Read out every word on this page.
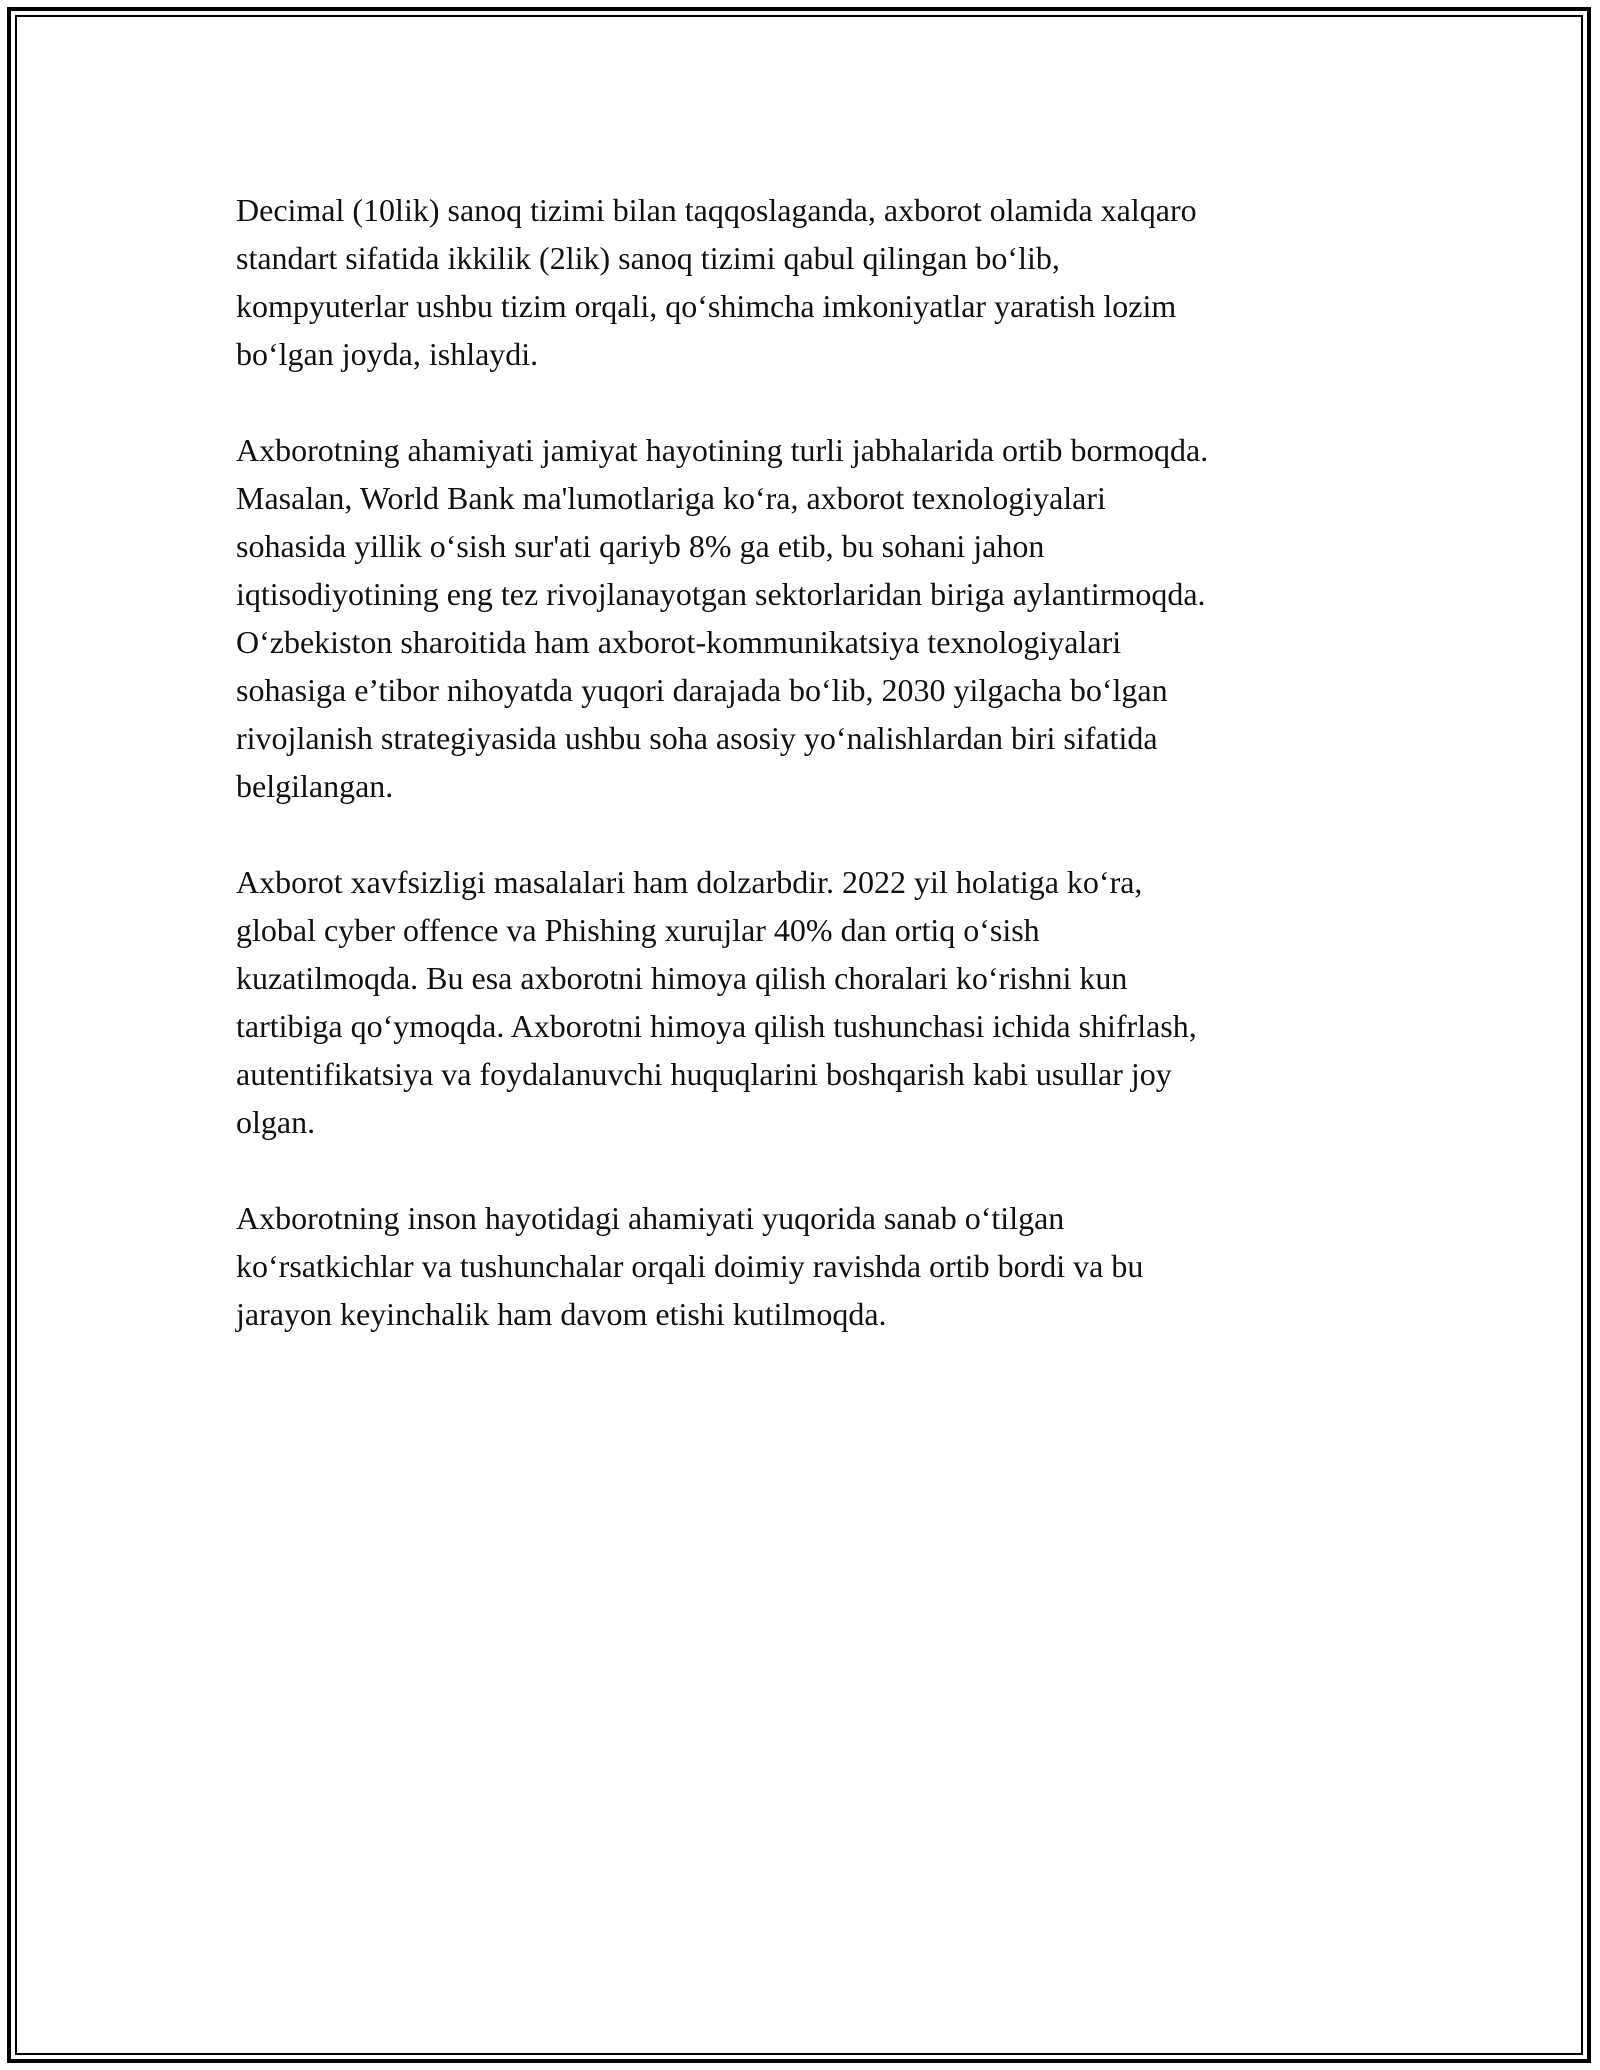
Decimal (10lik) sanoq tizimi bilan taqqoslaganda, axborot olamida xalqaro
standart sifatida ikkilik (2lik) sanoq tizimi qabul qilingan bo‘lib,
kompyuterlar ushbu tizim orqali, qo‘shimcha imkoniyatlar yaratish lozim
bo‘lgan joyda, ishlaydi.

Axborotning ahamiyati jamiyat hayotining turli jabhalarida ortib bormoqda.
Masalan, World Bank ma'lumotlariga ko‘ra, axborot texnologiyalari
sohasida yillik o‘sish sur'ati qariyb 8% ga etib, bu sohani jahon
iqtisodiyotining eng tez rivojlanayotgan sektorlaridan biriga aylantirmoqda.
O‘zbekiston sharoitida ham axborot-kommunikatsiya texnologiyalari
sohasiga e’tibor nihoyatda yuqori darajada bo‘lib, 2030 yilgacha bo‘lgan
rivojlanish strategiyasida ushbu soha asosiy yo‘nalishlardan biri sifatida
belgilangan.

Axborot xavfsizligi masalalari ham dolzarbdir. 2022 yil holatiga ko‘ra,
global cyber offence va Phishing xurujlar 40% dan ortiq o‘sish
kuzatilmoqda. Bu esa axborotni himoya qilish choralari ko‘rishni kun
tartibiga qo‘ymoqda. Axborotni himoya qilish tushunchasi ichida shifrlash,
autentifikatsiya va foydalanuvchi huquqlarini boshqarish kabi usullar joy
olgan.

Axborotning inson hayotidagi ahamiyati yuqorida sanab o‘tilgan
ko‘rsatkichlar va tushunchalar orqali doimiy ravishda ortib bordi va bu
jarayon keyinchalik ham davom etishi kutilmoqda.
